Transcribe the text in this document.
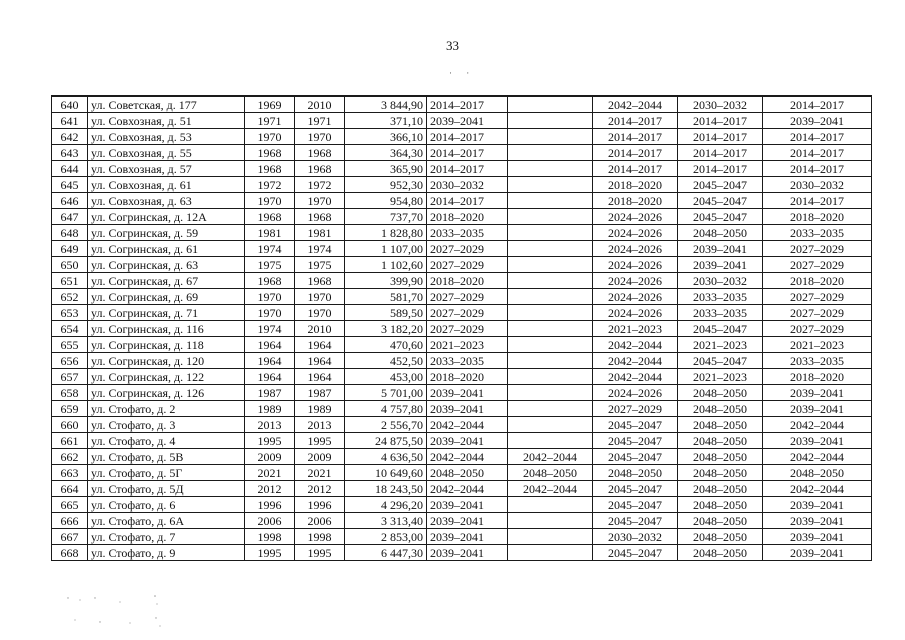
33
· ·
640	ул. Советская, д. 177	1969	2010	3 844,90	2014–2017		2042–2044	2030–2032	2014–2017
641	ул. Совхозная, д. 51	1971	1971	371,10	2039–2041		2014–2017	2014–2017	2039–2041
642	ул. Совхозная, д. 53	1970	1970	366,10	2014–2017		2014–2017	2014–2017	2014–2017
643	ул. Совхозная, д. 55	1968	1968	364,30	2014–2017		2014–2017	2014–2017	2014–2017
644	ул. Совхозная, д. 57	1968	1968	365,90	2014–2017		2014–2017	2014–2017	2014–2017
645	ул. Совхозная, д. 61	1972	1972	952,30	2030–2032		2018–2020	2045–2047	2030–2032
646	ул. Совхозная, д. 63	1970	1970	954,80	2014–2017		2018–2020	2045–2047	2014–2017
647	ул. Согринская, д. 12А	1968	1968	737,70	2018–2020		2024–2026	2045–2047	2018–2020
648	ул. Согринская, д. 59	1981	1981	1 828,80	2033–2035		2024–2026	2048–2050	2033–2035
649	ул. Согринская, д. 61	1974	1974	1 107,00	2027–2029		2024–2026	2039–2041	2027–2029
650	ул. Согринская, д. 63	1975	1975	1 102,60	2027–2029		2024–2026	2039–2041	2027–2029
651	ул. Согринская, д. 67	1968	1968	399,90	2018–2020		2024–2026	2030–2032	2018–2020
652	ул. Согринская, д. 69	1970	1970	581,70	2027–2029		2024–2026	2033–2035	2027–2029
653	ул. Согринская, д. 71	1970	1970	589,50	2027–2029		2024–2026	2033–2035	2027–2029
654	ул. Согринская, д. 116	1974	2010	3 182,20	2027–2029		2021–2023	2045–2047	2027–2029
655	ул. Согринская, д. 118	1964	1964	470,60	2021–2023		2042–2044	2021–2023	2021–2023
656	ул. Согринская, д. 120	1964	1964	452,50	2033–2035		2042–2044	2045–2047	2033–2035
657	ул. Согринская, д. 122	1964	1964	453,00	2018–2020		2042–2044	2021–2023	2018–2020
658	ул. Согринская, д. 126	1987	1987	5 701,00	2039–2041		2024–2026	2048–2050	2039–2041
659	ул. Стофато, д. 2	1989	1989	4 757,80	2039–2041		2027–2029	2048–2050	2039–2041
660	ул. Стофато, д. 3	2013	2013	2 556,70	2042–2044		2045–2047	2048–2050	2042–2044
661	ул. Стофато, д. 4	1995	1995	24 875,50	2039–2041		2045–2047	2048–2050	2039–2041
662	ул. Стофато, д. 5В	2009	2009	4 636,50	2042–2044	2042–2044	2045–2047	2048–2050	2042–2044
663	ул. Стофато, д. 5Г	2021	2021	10 649,60	2048–2050	2048–2050	2048–2050	2048–2050	2048–2050
664	ул. Стофато, д. 5Д	2012	2012	18 243,50	2042–2044	2042–2044	2045–2047	2048–2050	2042–2044
665	ул. Стофато, д. 6	1996	1996	4 296,20	2039–2041		2045–2047	2048–2050	2039–2041
666	ул. Стофато, д. 6А	2006	2006	3 313,40	2039–2041		2045–2047	2048–2050	2039–2041
667	ул. Стофато, д. 7	1998	1998	2 853,00	2039–2041		2030–2032	2048–2050	2039–2041
668	ул. Стофато, д. 9	1995	1995	6 447,30	2039–2041		2045–2047	2048–2050	2039–2041
